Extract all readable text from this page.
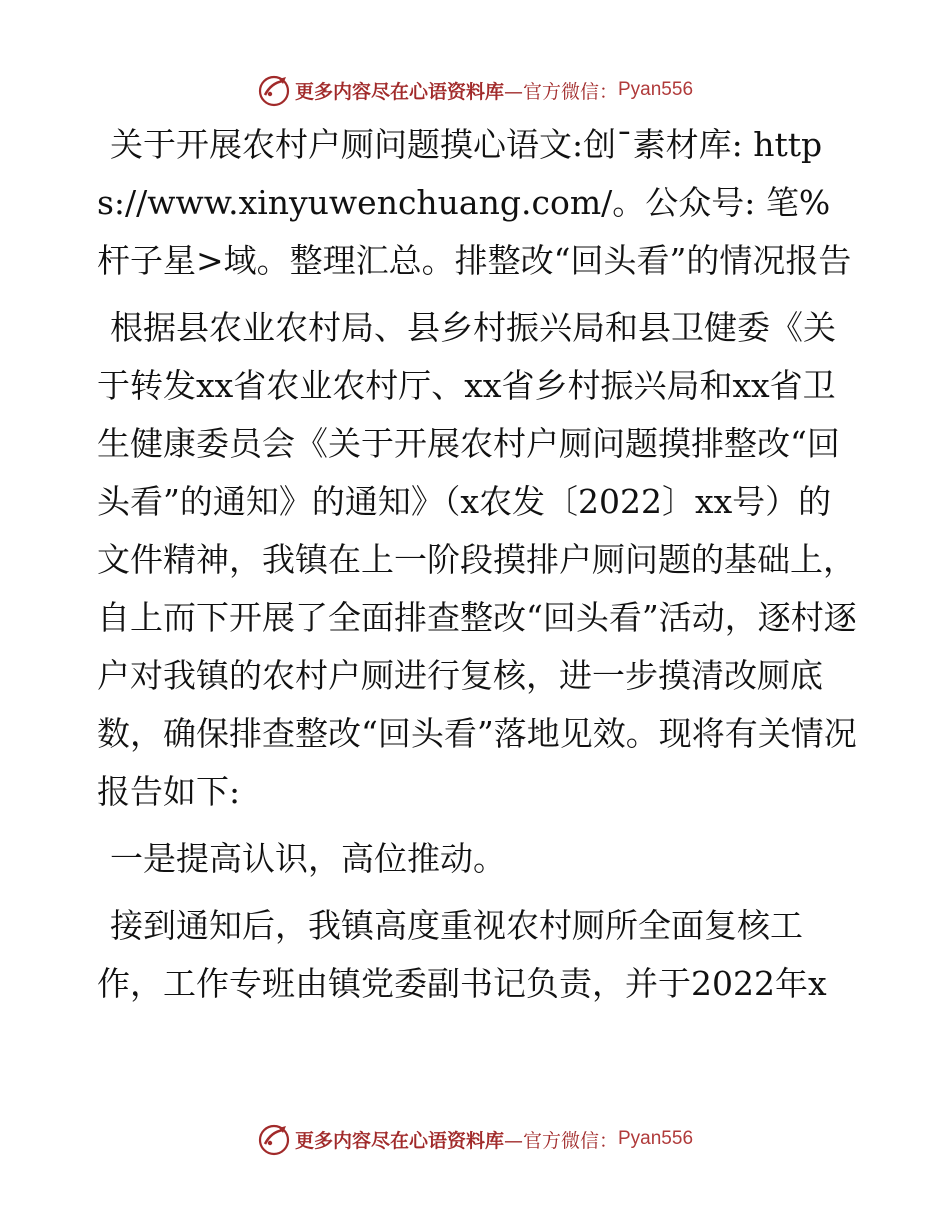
更多内容尽在心语资料库 —官方微信： Pyan556

关于开展农村户厕问题摸心语文:创¯素材库: https://www.xinyuwenchuang.com/。公众号: 笔%杆子星>域。整理汇总。排整改“回头看”的情况报告

根据县农业农村局、县乡村振兴局和县卫健委《关于转发xx省农业农村厅、xx省乡村振兴局和xx省卫生健康委员会《关于开展农村户厕问题摸排整改“回头看”的通知》的通知》（x农发〔2022〕xx号）的文件精神，我镇在上一阶段摸排户厕问题的基础上，自上而下开展了全面排查整改“回头看”活动，逐村逐户对我镇的农村户厕进行复核，进一步摸清改厕底数，确保排查整改“回头看”落地见效。现将有关情况报告如下:

一是提高认识，高位推动。

接到通知后，我镇高度重视农村厕所全面复核工作，工作专班由镇党委副书记负责，并于2022年x

更多内容尽在心语资料库 —官方微信： Pyan556
